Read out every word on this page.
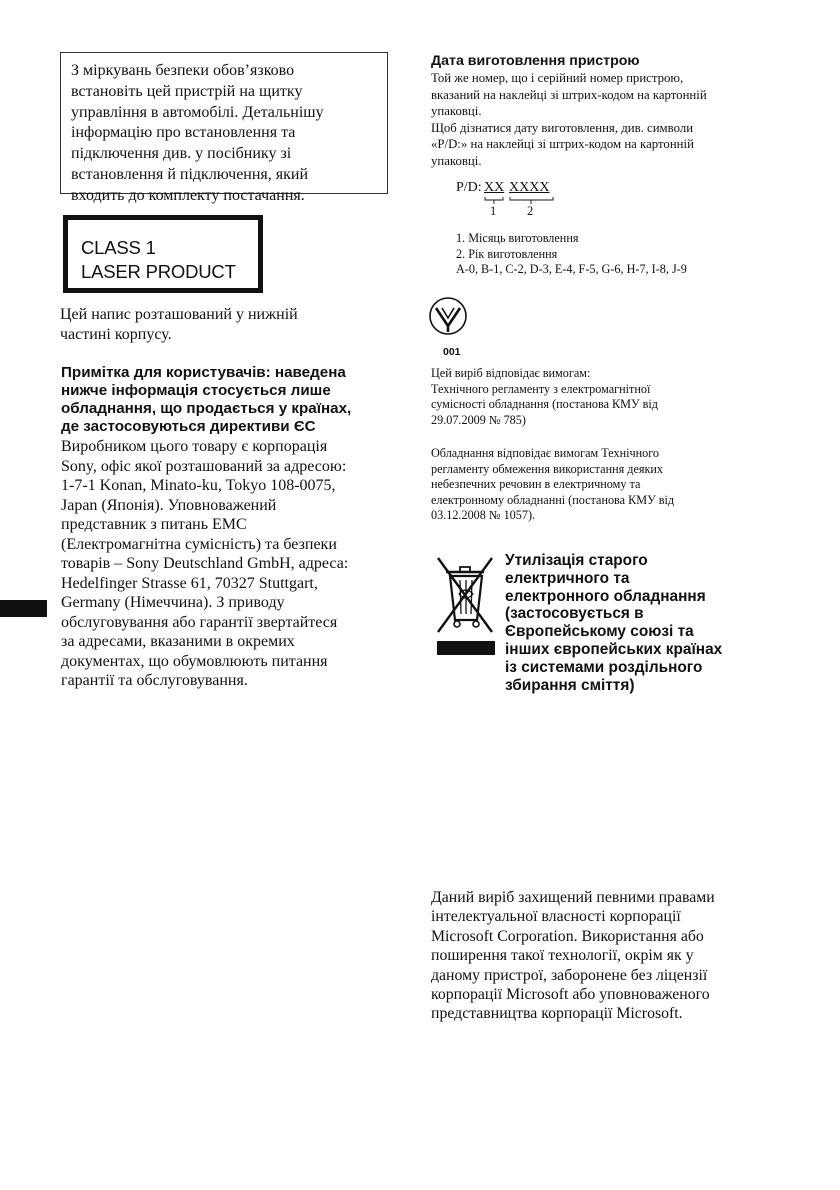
З міркувань безпеки обов’язково
встановіть цей пристрій на щитку
управління в автомобілі. Детальнішу
інформацію про встановлення та
підключення див. у посібнику зі
встановлення й підключення, який
входить до комплекту постачання.
CLASS 1
LASER PRODUCT
Цей напис розташований у нижній
частині корпусу.
Примітка для користувачів: наведена
нижче інформація стосується лише
обладнання, що продається у країнах,
де застосовуються директиви ЄС
Виробником цього товару є корпорація
Sony, офіс якої розташований за адресою:
1-7-1 Konan, Minato-ku, Tokyo 108-0075,
Japan (Японія). Уповноважений
представник з питань EMC
(Електромагнітна сумісність) та безпеки
товарів – Sony Deutschland GmbH, адреса:
Hedelfinger Strasse 61, 70327 Stuttgart,
Germany (Німеччина). З приводу
обслуговування або гарантії звертайтеся
за адресами, вказаними в окремих
документах, що обумовлюють питання
гарантії та обслуговування.
Дата виготовлення пристрою
Той же номер, що і серійний номер пристрою,
вказаний на наклейці зі штрих-кодом на картонній
упаковці.
Щоб дізнатися дату виготовлення, див. символи
«P/D:» на наклейці зі штрих-кодом на картонній
упаковці.
P/D: XX XXXX
1 2
1. Місяць виготовлення
2. Рік виготовлення
A-0, B-1, C-2, D-3, E-4, F-5, G-6, H-7, I-8, J-9
001
Цей виріб відповідає вимогам:
Технічного регламенту з електромагнітної
сумісності обладнання (постанова КМУ від
29.07.2009 № 785)
Обладнання відповідає вимогам Технічного
регламенту обмеження використання деяких
небезпечних речовин в електричному та
електронному обладнанні (постанова КМУ від
03.12.2008 № 1057).
Утилізація старого
електричного та
електронного обладнання
(застосовується в
Європейському союзі та
інших європейських країнах
із системами роздільного
збирання сміття)
Даний виріб захищений певними правами
інтелектуальної власності корпорації
Microsoft Corporation. Використання або
поширення такої технології, окрім як у
даному пристрої, заборонене без ліцензії
корпорації Microsoft або уповноваженого
представництва корпорації Microsoft.
